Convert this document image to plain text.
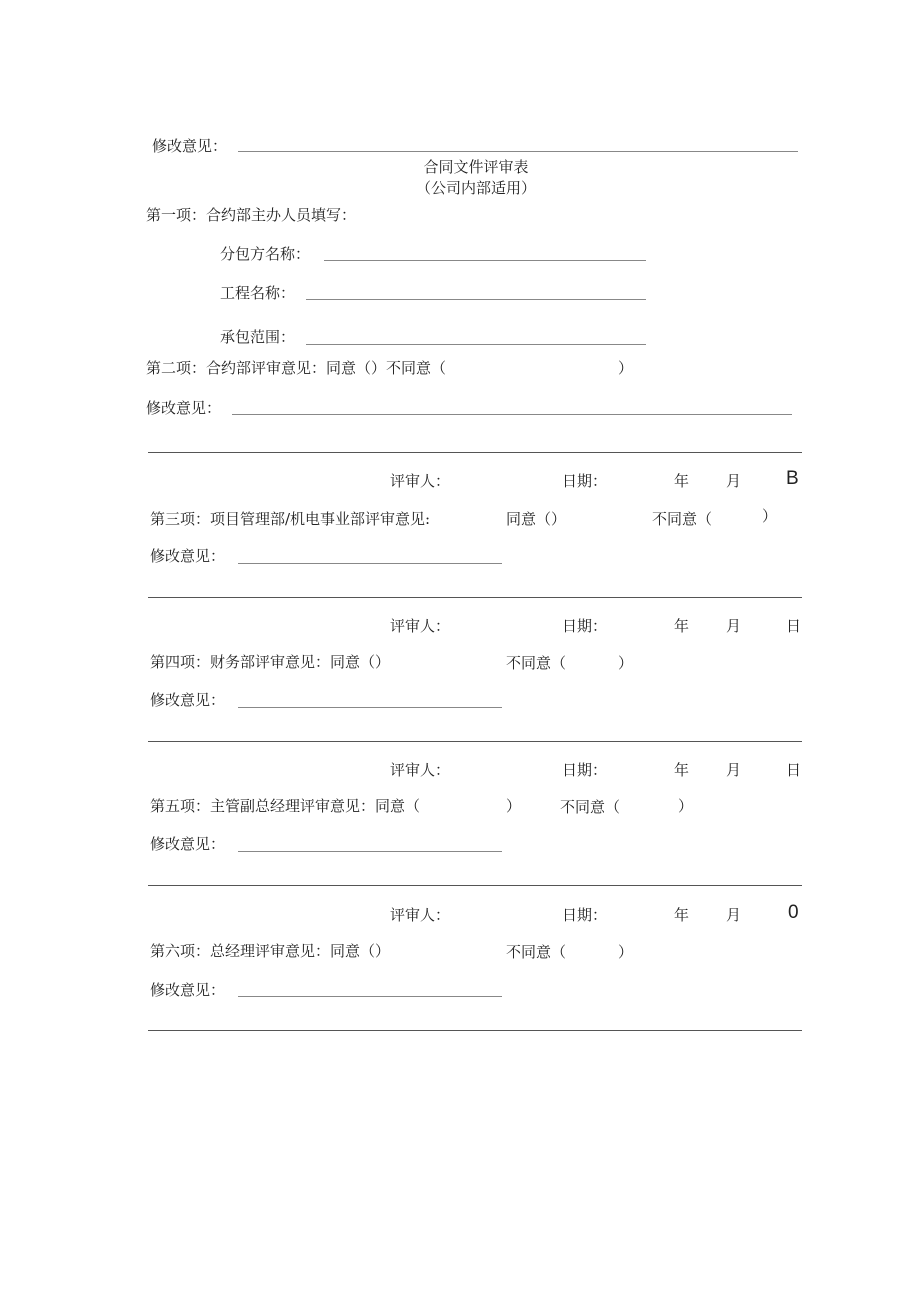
修改意见：
合同文件评审表
（公司内部适用）
第一项：合约部主办人员填写：
分包方名称：
工程名称：
承包范围：
第二项：合约部评审意见：同意（）不同意（	）
修改意见：
评审人：	日期：	年 月 B
第三项：项目管理部/机电事业部评审意见:	同意（）	不同意（	）
修改意见：
评审人：	日期：	年 月	日
第四项：财务部评审意见：同意（）	不同意（	）
修改意见：
评审人：	日期：	年 月	日
第五项：主管副总经理评审意见：同意（	）	不同意（	）
修改意见：
评审人：	日期：	年 月 0
第六项：总经理评审意见：同意（）	不同意（	）
修改意见：
